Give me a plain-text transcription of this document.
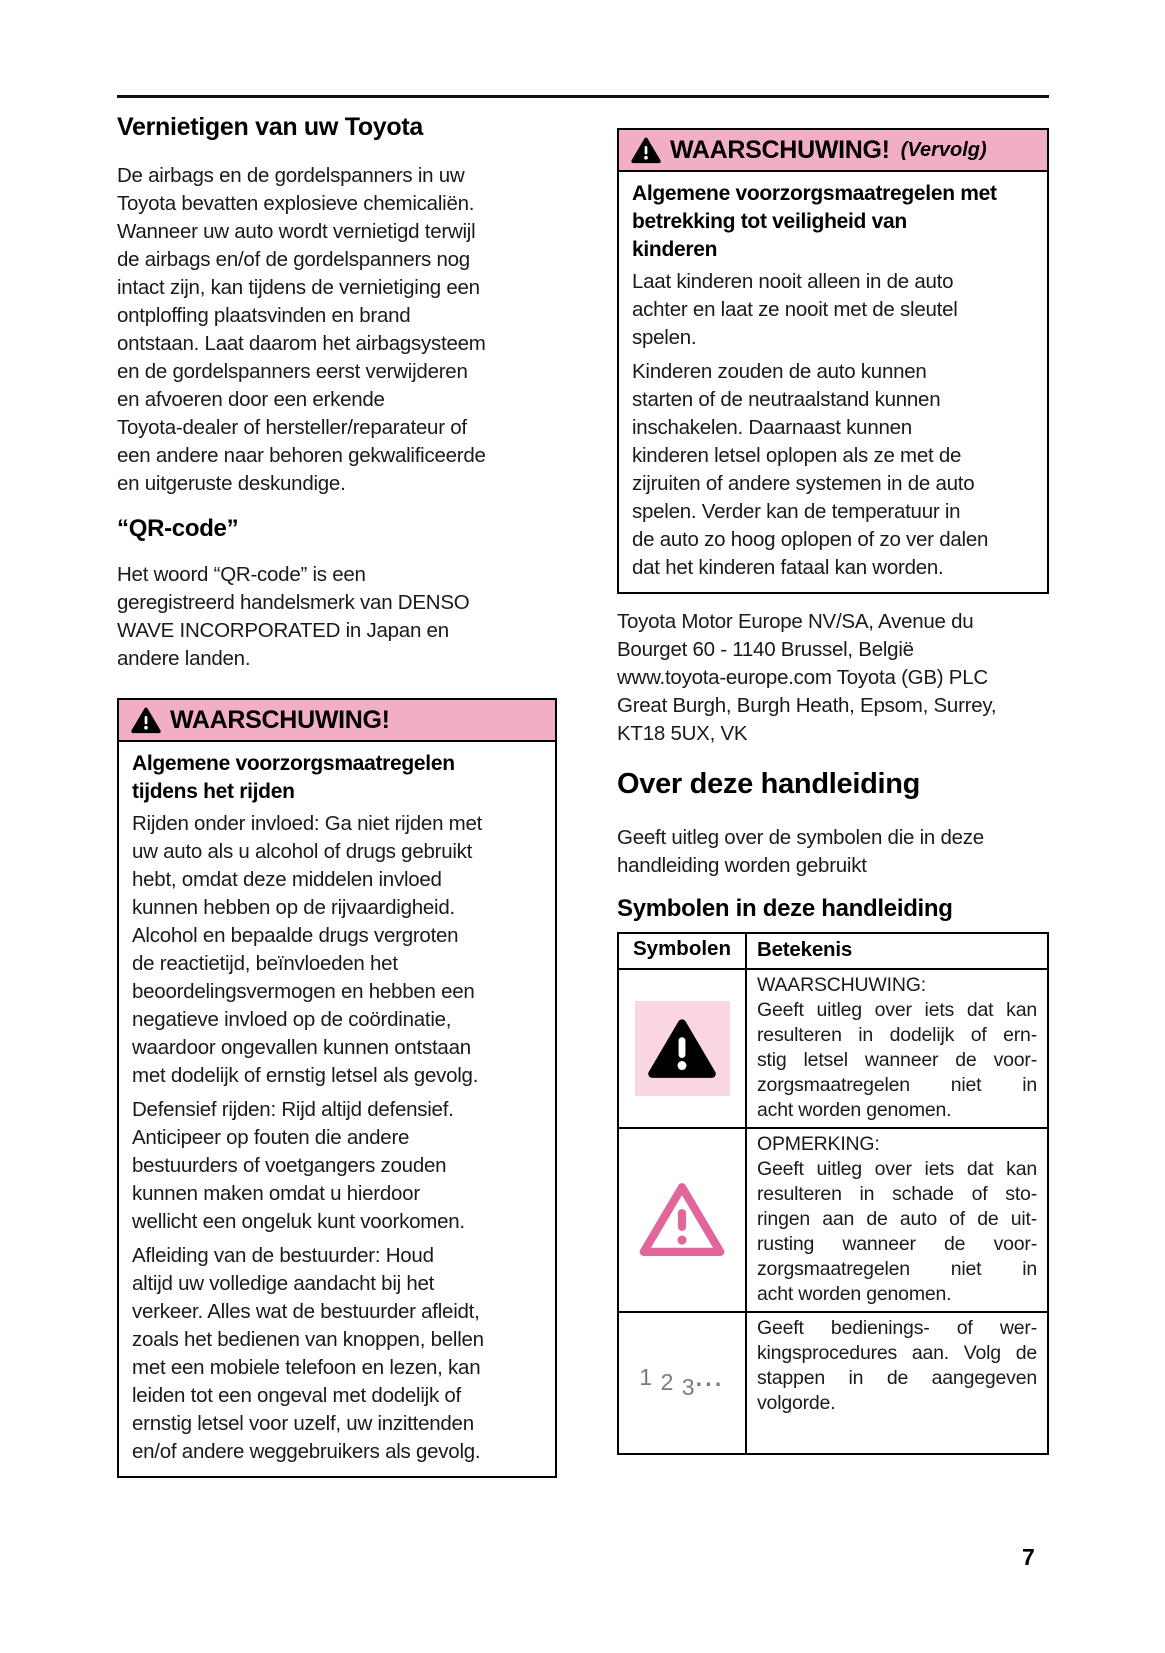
Vernietigen van uw Toyota
De airbags en de gordelspanners in uw
Toyota bevatten explosieve chemicaliën.
Wanneer uw auto wordt vernietigd terwijl
de airbags en/of de gordelspanners nog
intact zijn, kan tijdens de vernietiging een
ontploffing plaatsvinden en brand
ontstaan. Laat daarom het airbagsysteem
en de gordelspanners eerst verwijderen
en afvoeren door een erkende
Toyota-dealer of hersteller/reparateur of
een andere naar behoren gekwalificeerde
en uitgeruste deskundige.
“QR-code”
Het woord “QR-code” is een
geregistreerd handelsmerk van DENSO
WAVE INCORPORATED in Japan en
andere landen.
WAARSCHUWING!
Algemene voorzorgsmaatregelen
tijdens het rijden
Rijden onder invloed: Ga niet rijden met
uw auto als u alcohol of drugs gebruikt
hebt, omdat deze middelen invloed
kunnen hebben op de rijvaardigheid.
Alcohol en bepaalde drugs vergroten
de reactietijd, beïnvloeden het
beoordelingsvermogen en hebben een
negatieve invloed op de coördinatie,
waardoor ongevallen kunnen ontstaan
met dodelijk of ernstig letsel als gevolg.
Defensief rijden: Rijd altijd defensief.
Anticipeer op fouten die andere
bestuurders of voetgangers zouden
kunnen maken omdat u hierdoor
wellicht een ongeluk kunt voorkomen.
Afleiding van de bestuurder: Houd
altijd uw volledige aandacht bij het
verkeer. Alles wat de bestuurder afleidt,
zoals het bedienen van knoppen, bellen
met een mobiele telefoon en lezen, kan
leiden tot een ongeval met dodelijk of
ernstig letsel voor uzelf, uw inzittenden
en/of andere weggebruikers als gevolg.
WAARSCHUWING! (Vervolg)
Algemene voorzorgsmaatregelen met
betrekking tot veiligheid van
kinderen
Laat kinderen nooit alleen in de auto
achter en laat ze nooit met de sleutel
spelen.
Kinderen zouden de auto kunnen
starten of de neutraalstand kunnen
inschakelen. Daarnaast kunnen
kinderen letsel oplopen als ze met de
zijruiten of andere systemen in de auto
spelen. Verder kan de temperatuur in
de auto zo hoog oplopen of zo ver dalen
dat het kinderen fataal kan worden.
Toyota Motor Europe NV/SA, Avenue du
Bourget 60 - 1140 Brussel, België
www.toyota-europe.com Toyota (GB) PLC
Great Burgh, Burgh Heath, Epsom, Surrey,
KT18 5UX, VK
Over deze handleiding
Geeft uitleg over de symbolen die in deze
handleiding worden gebruikt
Symbolen in deze handleiding
Symbolen	Betekenis
WAARSCHUWING:
Geeft uitleg over iets dat kan
resulteren in dodelijk of ern-
stig letsel wanneer de voor-
zorgsmaatregelen niet in
acht worden genomen.
OPMERKING:
Geeft uitleg over iets dat kan
resulteren in schade of sto-
ringen aan de auto of de uit-
rusting wanneer de voor-
zorgsmaatregelen niet in
acht worden genomen.
1 2 3···
Geeft bedienings- of wer-
kingsprocedures aan. Volg de
stappen in de aangegeven
volgorde.
7
